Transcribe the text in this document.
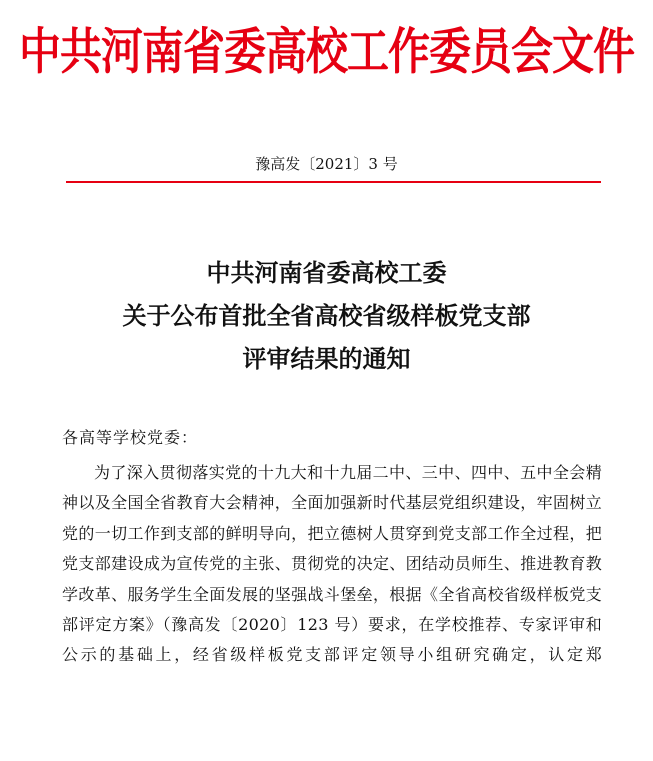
中共河南省委高校工作委员会文件
豫高发〔2021〕3 号
中共河南省委高校工委
关于公布首批全省高校省级样板党支部
评审结果的通知
各高等学校党委：

为了深入贯彻落实党的十九大和十九届二中、三中、四中、五中全会精神以及全国全省教育大会精神，全面加强新时代基层党组织建设，牢固树立党的一切工作到支部的鲜明导向，把立德树人贯穿到党支部工作全过程，把党支部建设成为宣传党的主张、贯彻党的决定、团结动员师生、推进教育教学改革、服务学生全面发展的坚强战斗堡垒，根据《全省高校省级样板党支部评定方案》（豫高发〔2020〕123 号）要求，在学校推荐、专家评审和公示的基础上，经省级样板党支部评定领导小组研究确定，认定郑
